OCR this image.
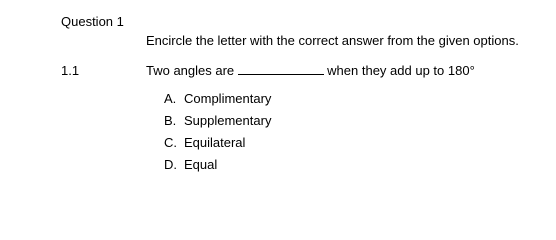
Question 1
Encircle the letter with the correct answer from the given options.
1.1	Two angles are	when they add up to 180°
A. Complimentary
B. Supplementary
C. Equilateral
D. Equal
